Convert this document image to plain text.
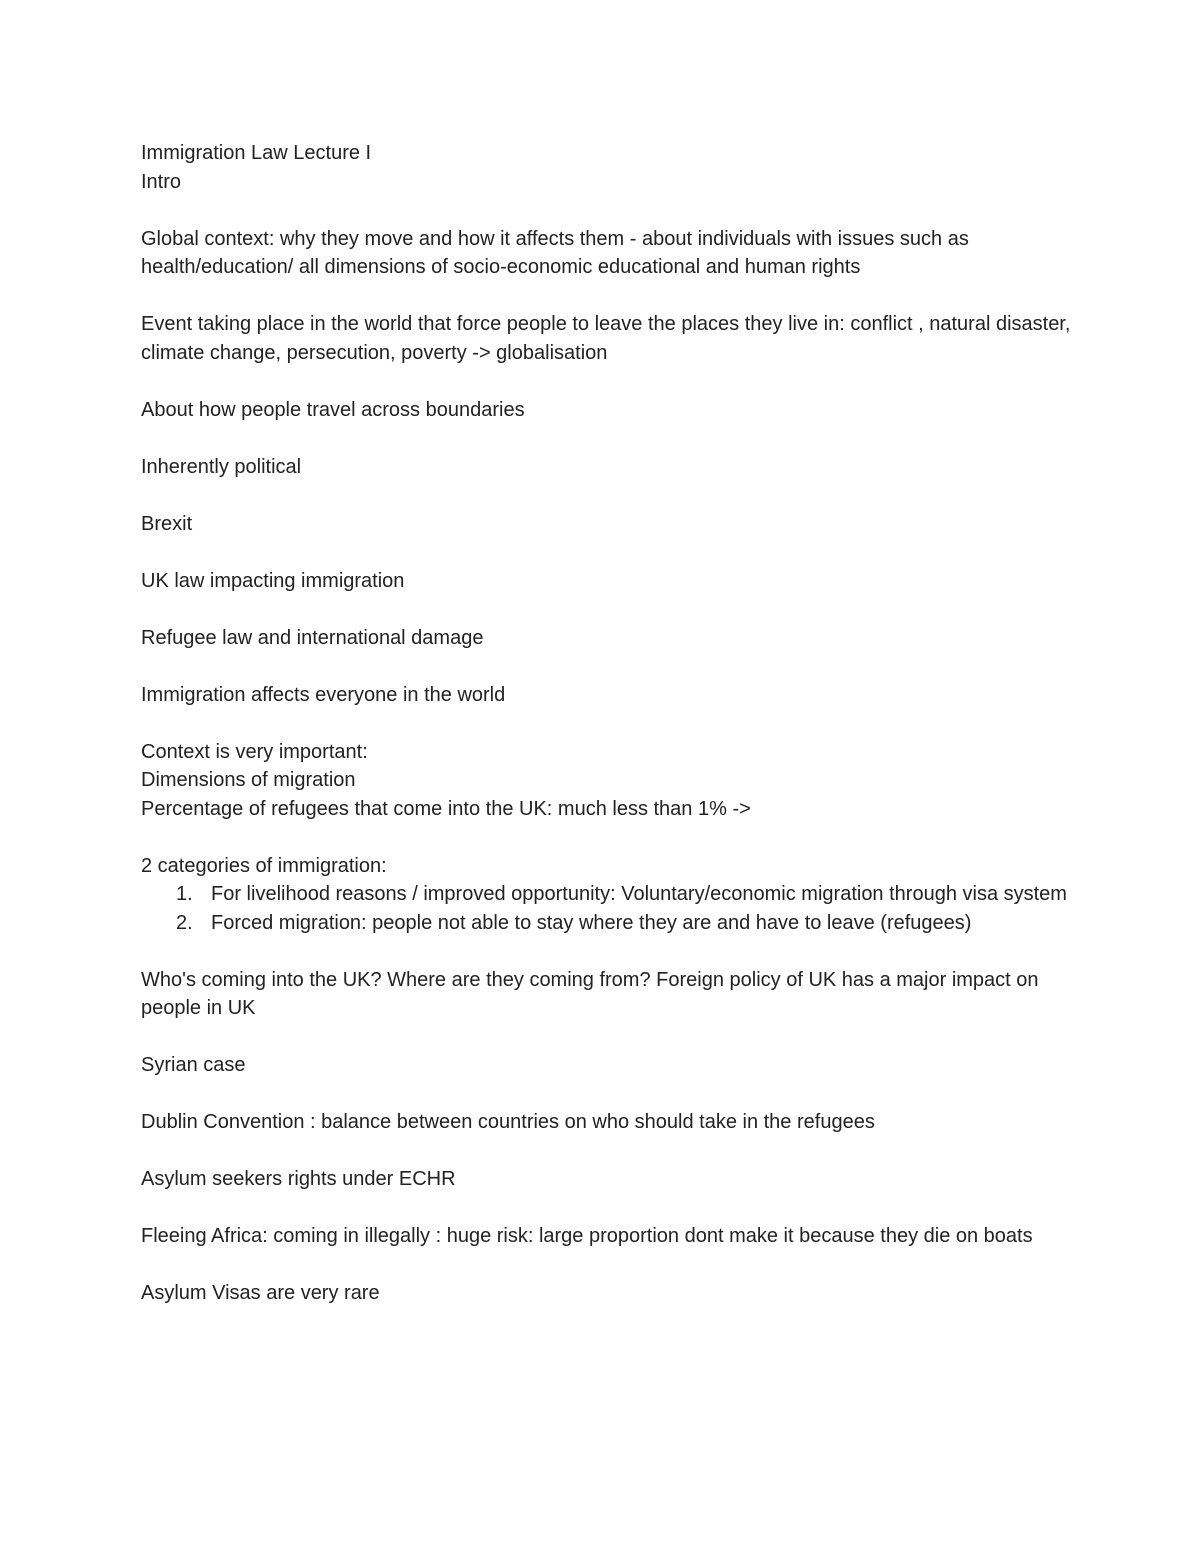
Immigration Law Lecture I

Intro

Global context: why they move and how it affects them - about individuals with issues such as health/education/ all dimensions of socio-economic educational and human rights

Event taking place in the world that force people to leave the places they live in: conflict , natural disaster, climate change, persecution, poverty -> globalisation

About how people travel across boundaries

Inherently political

Brexit

UK law impacting immigration

Refugee law and international damage

Immigration affects everyone in the world

Context is very important:

Dimensions of migration

Percentage of refugees that come into the UK: much less than 1% ->

2 categories of immigration:

1. For livelihood reasons / improved opportunity: Voluntary/economic migration through visa system
2. Forced migration: people not able to stay where they are and have to leave (refugees)

Who's coming into the UK? Where are they coming from? Foreign policy of UK has a major impact on people in UK

Syrian case

Dublin Convention : balance between countries on who should take in the refugees

Asylum seekers rights under ECHR

Fleeing Africa: coming in illegally : huge risk: large proportion dont make it because they die on boats

Asylum Visas are very rare
